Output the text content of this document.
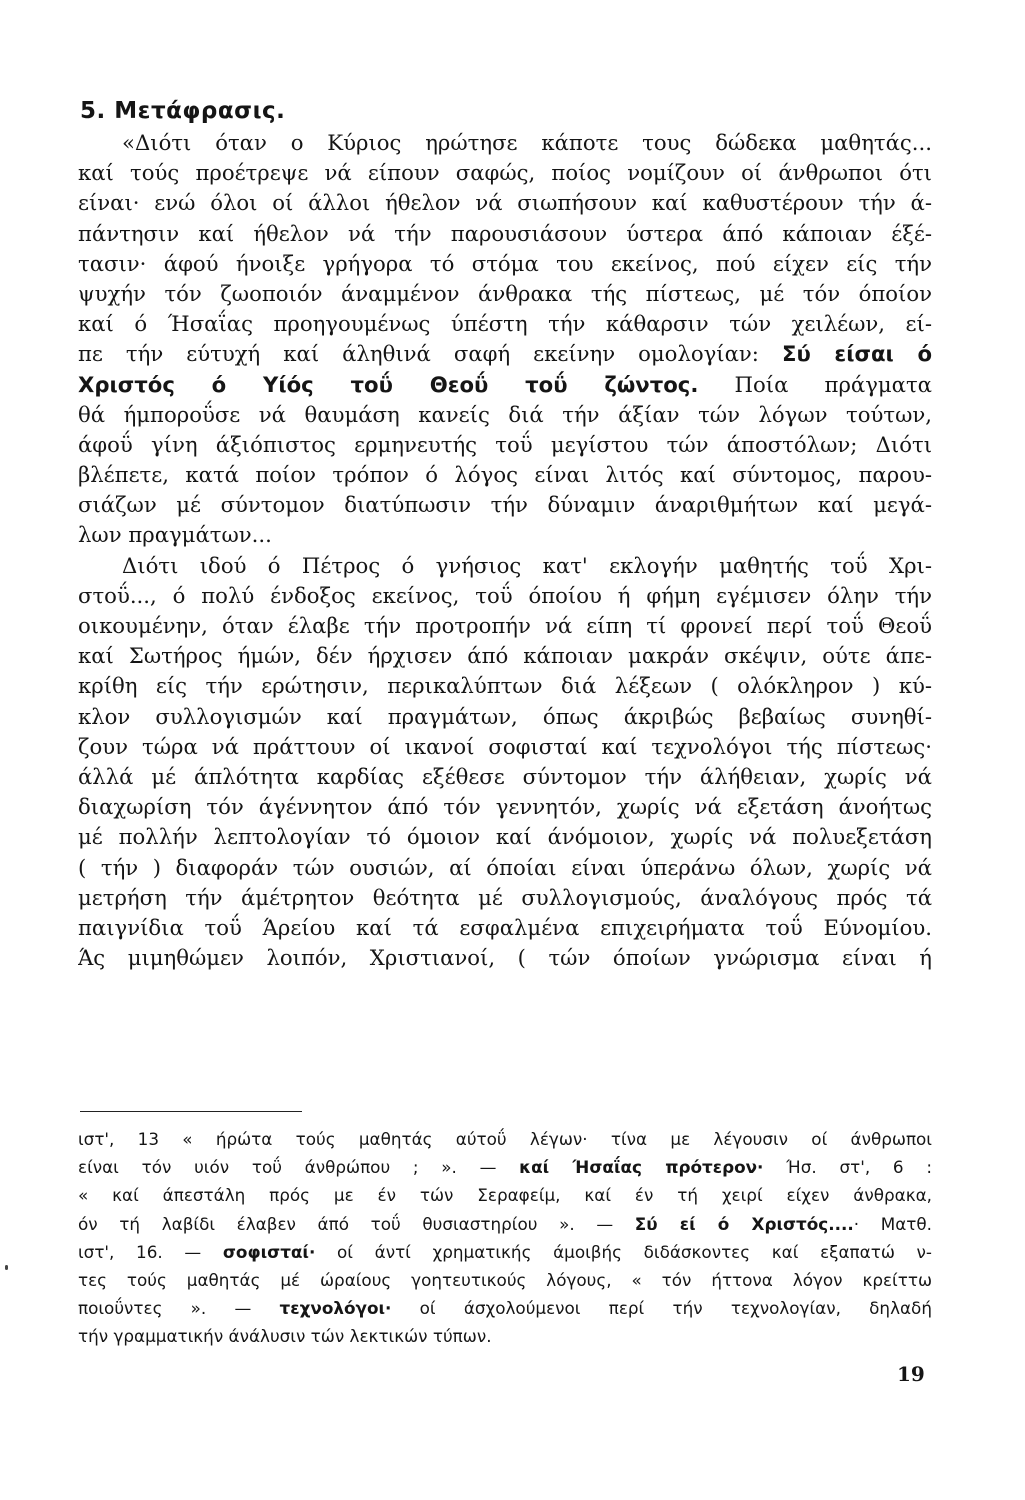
5. Μετάφρασις.
«Διότι όταν ο Κύριος ηρώτησε κάποτε τους δώδεκα μαθητάς...
καί τούς προέτρεψε νά είπουν σαφώς, ποίος νομίζουν οί άνθρωποι ότι
είναι· ενώ όλοι οί άλλοι ήθελον νά σιωπήσουν καί καθυστέρουν τήν ά-
πάντησιν καί ήθελον νά τήν παρουσιάσουν ύστερα άπό κάποιαν έξέ-
τασιν· άφού ήνοιξε γρήγορα τό στόμα του εκείνος, πού είχεν είς τήν
ψυχήν τόν ζωοποιόν άναμμένον άνθρακα τής πίστεως, μέ τόν όποίον
καί ό Ήσαΐας προηγουμένως ύπέστη τήν κάθαρσιν τών χειλέων, εί-
πε τήν εύτυχή καί άληθινά σαφή εκείνην ομολογίαν: Σύ είσαι ό
Χριστός ό Υίός τοΰ Θεοΰ τοΰ ζώντος. Ποία πράγματα
θά ήμποροΰσε νά θαυμάση κανείς διά τήν άξίαν τών λόγων τούτων,
άφοΰ γίνη άξιόπιστος ερμηνευτής τοΰ μεγίστου τών άποστόλων; Διότι
βλέπετε, κατά ποίον τρόπον ό λόγος είναι λιτός καί σύντομος, παρου-
σιάζων μέ σύντομον διατύπωσιν τήν δύναμιν άναριθμήτων καί μεγά-
λων πραγμάτων...
Διότι ιδού ό Πέτρος ό γνήσιος κατ' εκλογήν μαθητής τοΰ Χρι-
στοΰ..., ό πολύ ένδοξος εκείνος, τοΰ όποίου ή φήμη εγέμισεν όλην τήν
οικουμένην, όταν έλαβε τήν προτροπήν νά είπη τί φρονεί περί τοΰ Θεοΰ
καί Σωτήρος ήμών, δέν ήρχισεν άπό κάποιαν μακράν σκέψιν, ούτε άπε-
κρίθη είς τήν ερώτησιν, περικαλύπτων διά λέξεων ( ολόκληρον ) κύ-
κλον συλλογισμών καί πραγμάτων, όπως άκριβώς βεβαίως συνηθί-
ζουν τώρα νά πράττουν οί ικανοί σοφισταί καί τεχνολόγοι τής πίστεως·
άλλά μέ άπλότητα καρδίας εξέθεσε σύντομον τήν άλήθειαν, χωρίς νά
διαχωρίση τόν άγέννητον άπό τόν γεννητόν, χωρίς νά εξετάση άνοήτως
μέ πολλήν λεπτολογίαν τό όμοιον καί άνόμοιον, χωρίς νά πολυεξετάση
( τήν ) διαφοράν τών ουσιών, αί όποίαι είναι ύπεράνω όλων, χωρίς νά
μετρήση τήν άμέτρητον θεότητα μέ συλλογισμούς, άναλόγους πρός τά
παιγνίδια τοΰ Άρείου καί τά εσφαλμένα επιχειρήματα τοΰ Εύνομίου.
Άς μιμηθώμεν λοιπόν, Χριστιανοί, ( τών όποίων γνώρισμα είναι ή
ιστ', 13 « ήρώτα τούς μαθητάς αύτοΰ λέγων· τίνα με λέγουσιν οί άνθρωποι
είναι τόν υιόν τοΰ άνθρώπου ; ». — καί Ήσαΐας πρότερον· Ήσ. στ', 6 :
« καί άπεστάλη πρός με έν τών Σεραφείμ, καί έν τή χειρί είχεν άνθρακα,
όν τή λαβίδι έλαβεν άπό τοΰ θυσιαστηρίου ». — Σύ εί ό Χριστός....· Ματθ.
ιστ', 16. — σοφισταί· οί άντί χρηματικής άμοιβής διδάσκοντες καί εξαπατώ ν-
τες τούς μαθητάς μέ ώραίους γοητευτικούς λόγους, « τόν ήττονα λόγον κρείττω
ποιοΰντες ». — τεχνολόγοι· οί άσχολούμενοι περί τήν τεχνολογίαν, δηλαδή
τήν γραμματικήν άνάλυσιν τών λεκτικών τύπων.
19
